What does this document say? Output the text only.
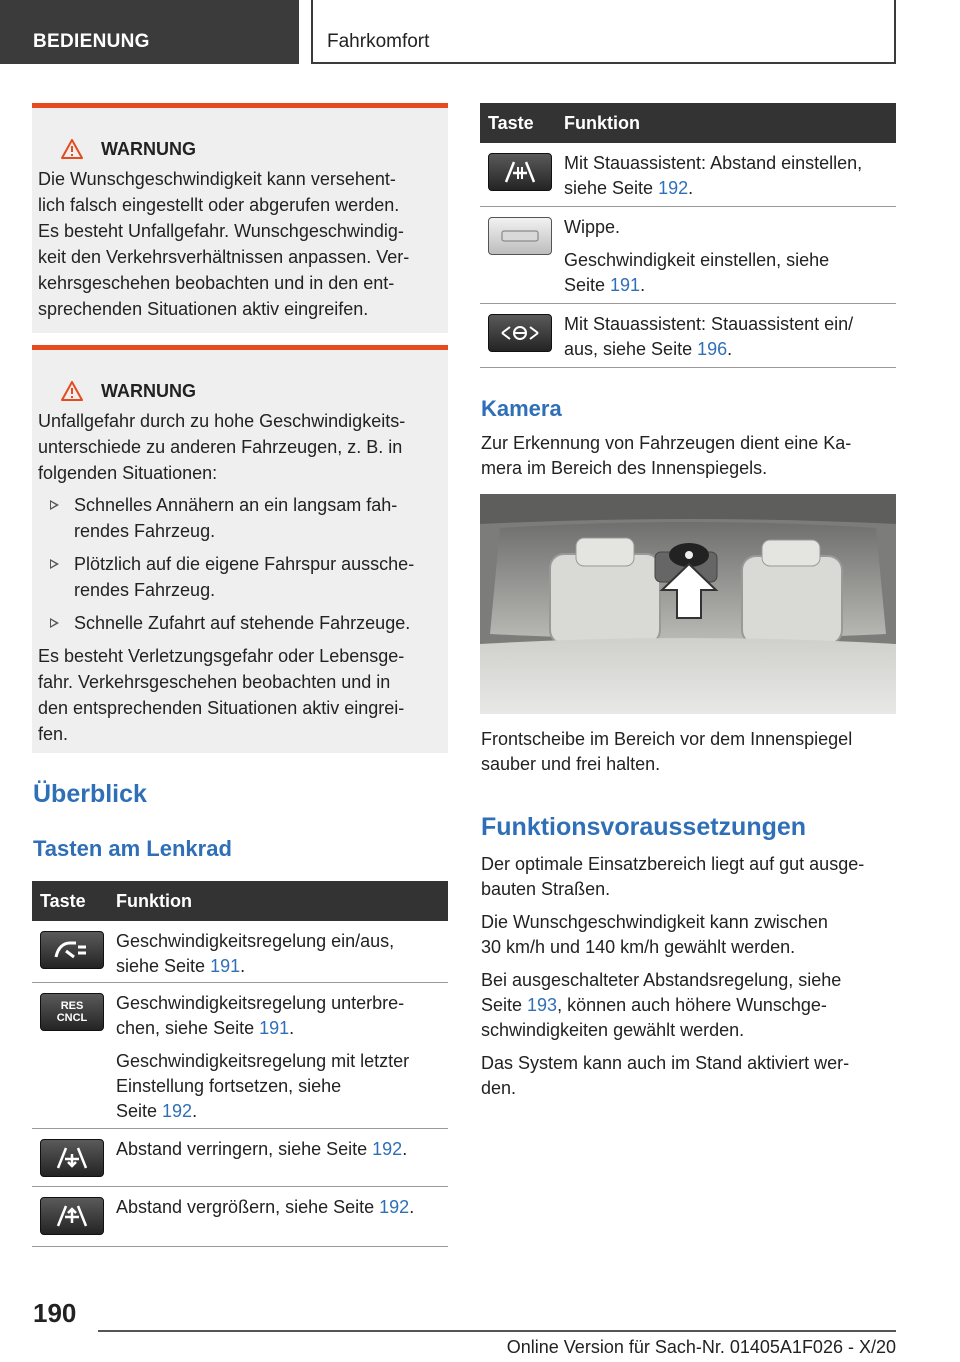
BEDIENUNG	Fahrkomfort
WARNUNG

Die Wunschgeschwindigkeit kann versehent-

lich falsch eingestellt oder abgerufen werden.

Es besteht Unfallgefahr. Wunschgeschwindig-

keit den Verkehrsverhältnissen anpassen. Ver-

kehrsgeschehen beobachten und in den ent-

sprechenden Situationen aktiv eingreifen.

WARNUNG

Unfallgefahr durch zu hohe Geschwindigkeits-

unterschiede zu anderen Fahrzeugen, z. B. in

folgenden Situationen:

Schnelles Annähern an ein langsam fah-
rendes Fahrzeug.
Plötzlich auf die eigene Fahrspur aussche-
rendes Fahrzeug.
Schnelle Zufahrt auf stehende Fahrzeuge.

Es besteht Verletzungsgefahr oder Lebensge-

fahr. Verkehrsgeschehen beobachten und in

den entsprechenden Situationen aktiv eingrei-

fen.

Überblick
Tasten am Lenkrad
Taste	Funktion

Geschwindigkeitsregelung ein/aus,
siehe Seite 191.

RES
CNCL

Geschwindigkeitsregelung unterbre-
chen, siehe Seite 191.

Geschwindigkeitsregelung mit letzter
Einstellung fortsetzen, siehe
Seite 192.

Abstand verringern, siehe Seite 192.

Abstand vergrößern, siehe Seite 192.

Taste	Funktion

Mit Stauassistent: Abstand einstellen,
siehe Seite 192.

Wippe.

Geschwindigkeit einstellen, siehe
Seite 191.

Mit Stauassistent: Stauassistent ein/
aus, siehe Seite 196.

Kamera
Zur Erkennung von Fahrzeugen dient eine Ka-
mera im Bereich des Innenspiegels.
Frontscheibe im Bereich vor dem Innenspiegel
sauber und frei halten.
Funktionsvoraussetzungen

Der optimale Einsatzbereich liegt auf gut ausge-
bauten Straßen.

Die Wunschgeschwindigkeit kann zwischen
30 km/h und 140 km/h gewählt werden.

Bei ausgeschalteter Abstandsregelung, siehe
Seite 193, können auch höhere Wunschge-
schwindigkeiten gewählt werden.

Das System kann auch im Stand aktiviert wer-
den.

190
Online Version für Sach-Nr. 01405A1F026 - X/20
